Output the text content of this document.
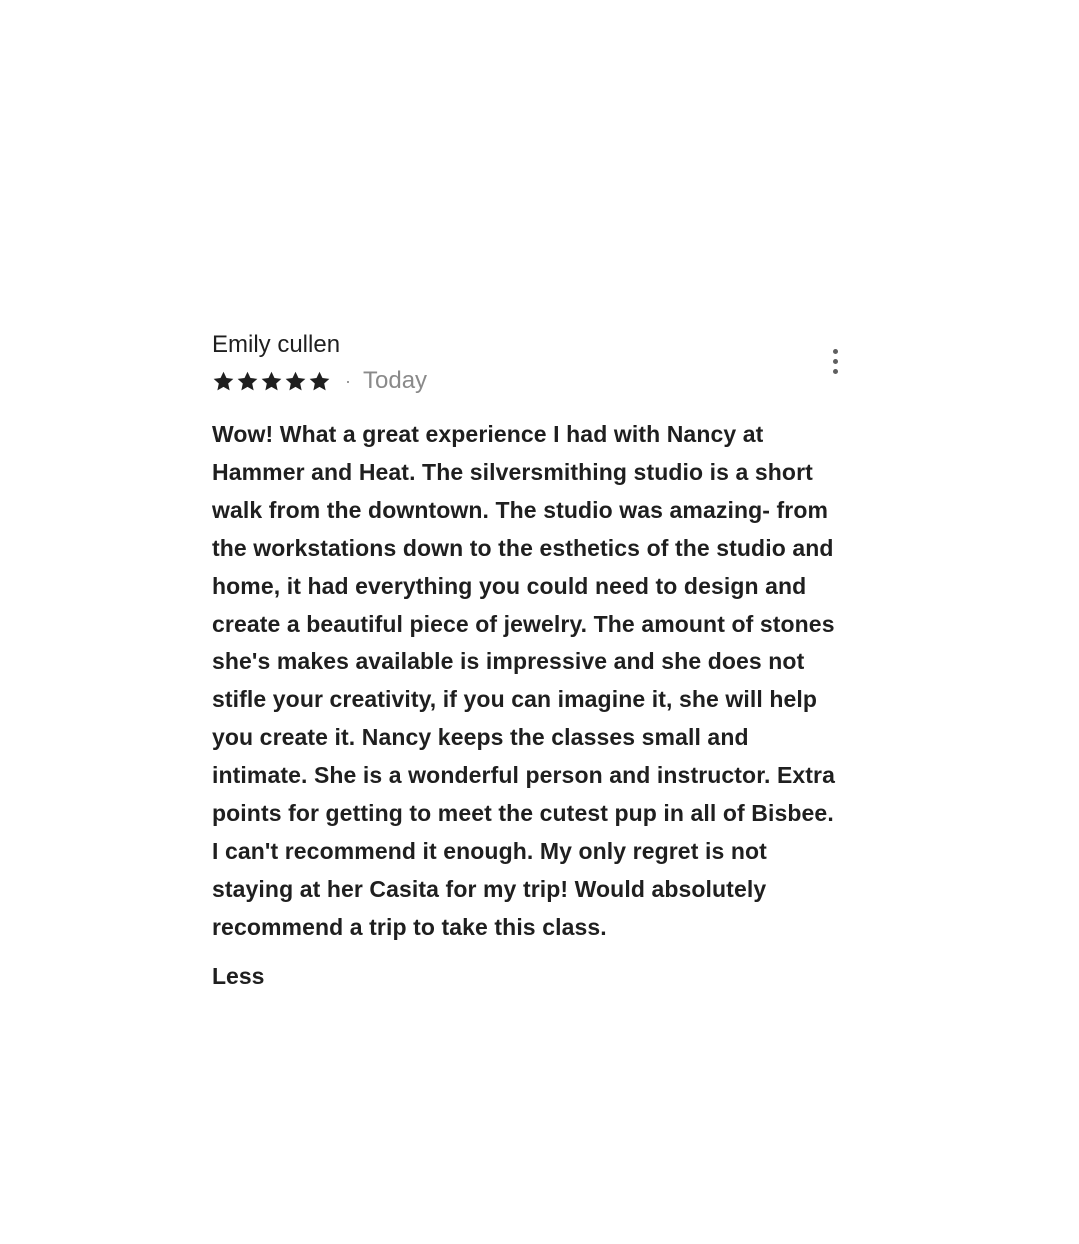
Emily cullen
· Today
Wow! What a great experience I had with Nancy at
Hammer and Heat. The silversmithing studio is a short
walk from the downtown. The studio was amazing- from
the workstations down to the esthetics of the studio and
home, it had everything you could need to design and
create a beautiful piece of jewelry. The amount of stones
she's makes available is impressive and she does not
stifle your creativity, if you can imagine it, she will help
you create it. Nancy keeps the classes small and
intimate. She is a wonderful person and instructor. Extra
points for getting to meet the cutest pup in all of Bisbee.
I can't recommend it enough. My only regret is not
staying at her Casita for my trip! Would absolutely
recommend a trip to take this class.
Less
